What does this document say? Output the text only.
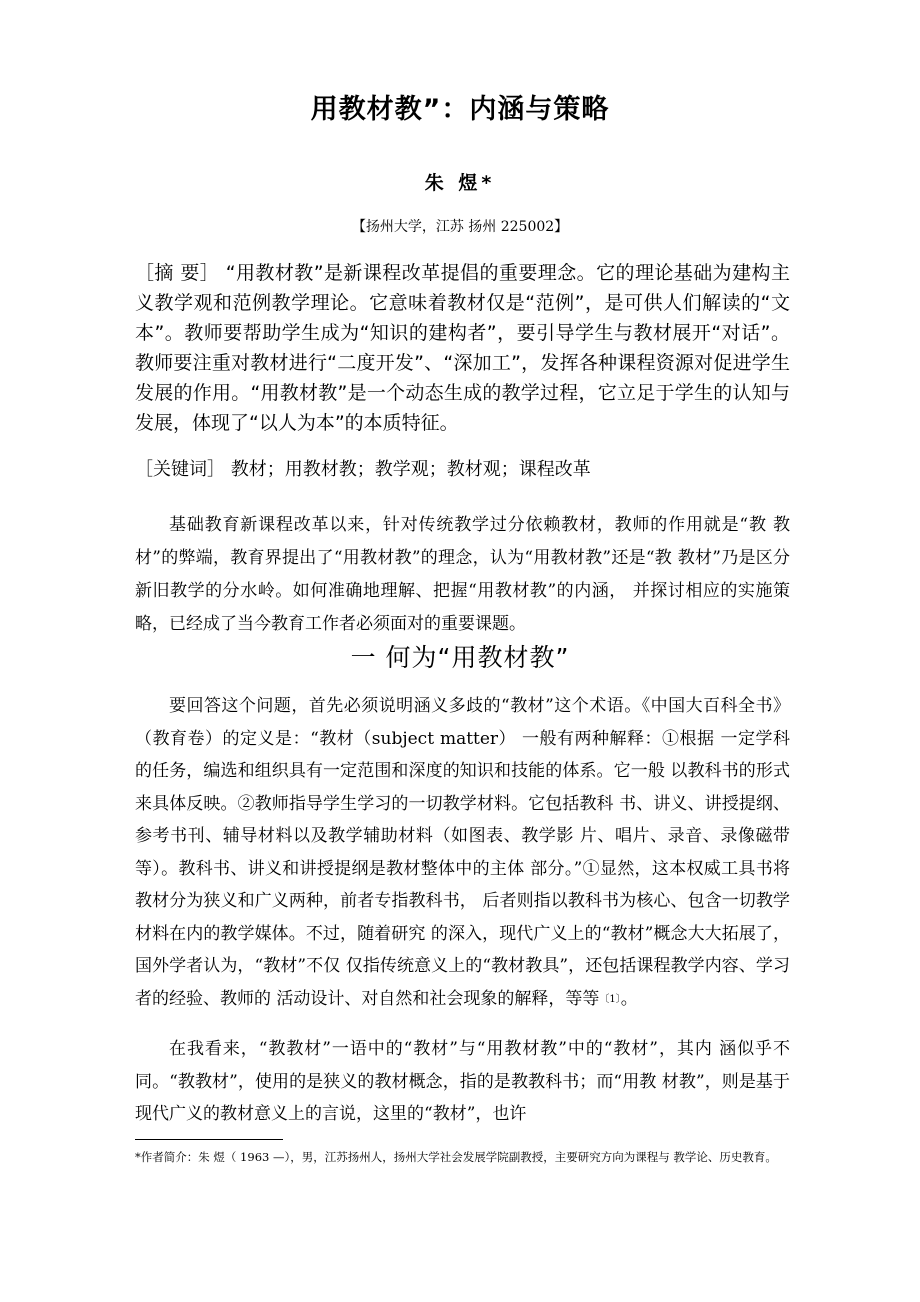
用教材教”：内涵与策略
朱 煜*
【扬州大学，江苏 扬州 225002】

［摘 要］ “用教材教”是新课程改革提倡的重要理念。它的理论基础为建构主 义教学观和范例教学理论。它意味着教材仅是“范例”，是可供人们解读的“文 本”。教师要帮助学生成为“知识的建构者”，要引导学生与教材展开“对话”。 教师要注重对教材进行“二度开发”、“深加工”，发挥各种课程资源对促进学生 发展的作用。“用教材教”是一个动态生成的教学过程，它立足于学生的认知与 发展，体现了“以人为本”的本质特征。

［关键词］ 教材；用教材教；教学观；教材观；课程改革

基础教育新课程改革以来，针对传统教学过分依赖教材，教师的作用就是“教 教材”的弊端，教育界提出了“用教材教”的理念，认为“用教材教”还是“教 教材”乃是区分新旧教学的分水岭。如何准确地理解、把握“用教材教”的内涵， 并探讨相应的实施策略，已经成了当今教育工作者必须面对的重要课题。

一 何为“用教材教”

要回答这个问题，首先必须说明涵义多歧的“教材”这个术语。《中国大百科全书》（教育卷）的定义是：“教材（subject matter） 一般有两种解释：①根据 一定学科的任务，编选和组织具有一定范围和深度的知识和技能的体系。它一般 以教科书的形式来具体反映。②教师指导学生学习的一切教学材料。它包括教科 书、讲义、讲授提纲、参考书刊、辅导材料以及教学辅助材料（如图表、教学影 片、唱片、录音、录像磁带等）。教科书、讲义和讲授提纲是教材整体中的主体 部分。”①显然，这本权威工具书将教材分为狭义和广义两种，前者专指教科书， 后者则指以教科书为核心、包含一切教学材料在内的教学媒体。不过，随着研究 的深入，现代广义上的“教材”概念大大拓展了，国外学者认为，“教材”不仅 仅指传统意义上的“教材教具”，还包括课程教学内容、学习者的经验、教师的 活动设计、对自然和社会现象的解释，等等〔1〕。

在我看来，“教教材”一语中的“教材”与“用教材教”中的“教材”，其内 涵似乎不同。“教教材”，使用的是狭义的教材概念，指的是教教科书；而“用教 材教”，则是基于现代广义的教材意义上的言说，这里的“教材”，也许

*作者简介：朱 煜（ 1963 —），男，江苏扬州人，扬州大学社会发展学院副教授，主要研究方向为课程与 教学论、历史教育。
